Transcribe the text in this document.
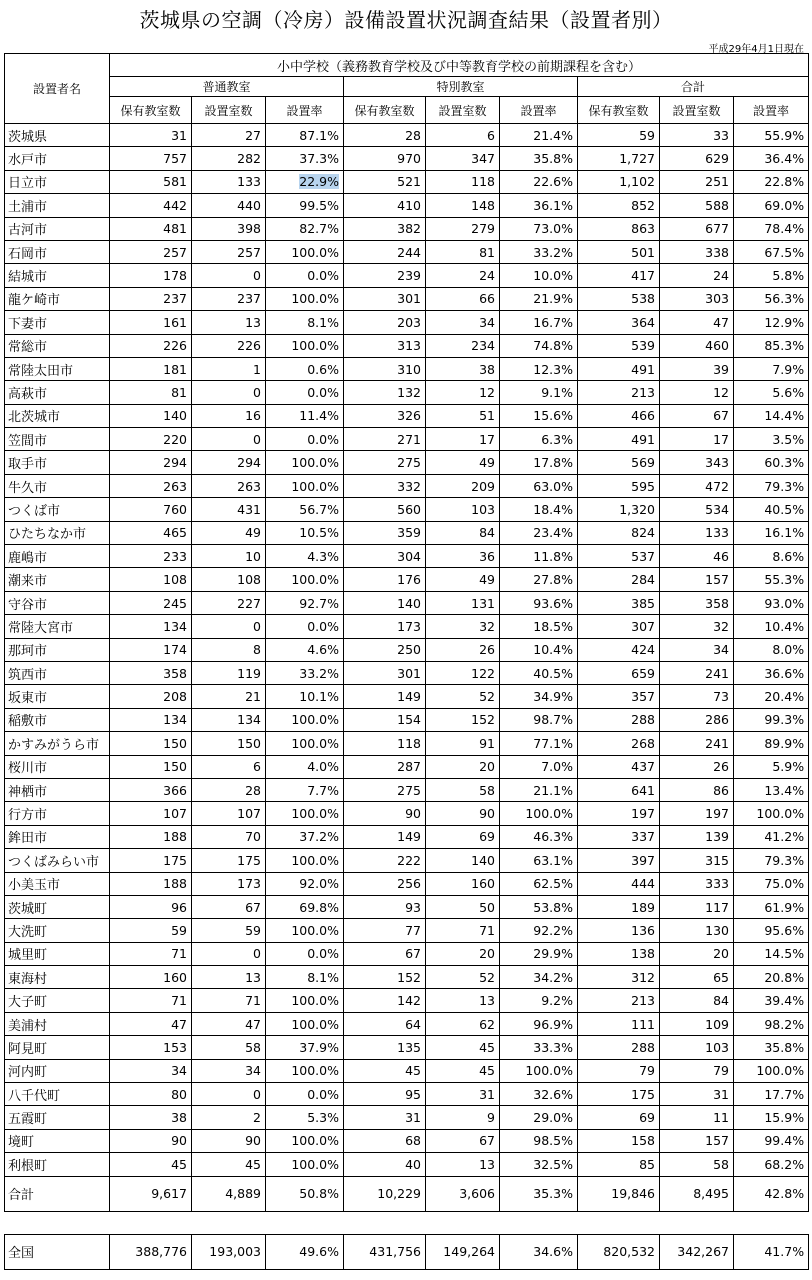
茨城県の空調（冷房）設備設置状況調査結果（設置者別）
平成29年4月1日現在
設置者名	小中学校（義務教育学校及び中等教育学校の前期課程を含む）								
	普通教室			特別教室			合計		
	保有教室数	設置室数	設置率	保有教室数	設置室数	設置率	保有教室数	設置室数	設置率
茨城県	31	27	87.1%	28	6	21.4%	59	33	55.9%
水戸市	757	282	37.3%	970	347	35.8%	1,727	629	36.4%
日立市	581	133	22.9%	521	118	22.6%	1,102	251	22.8%
土浦市	442	440	99.5%	410	148	36.1%	852	588	69.0%
古河市	481	398	82.7%	382	279	73.0%	863	677	78.4%
石岡市	257	257	100.0%	244	81	33.2%	501	338	67.5%
結城市	178	0	0.0%	239	24	10.0%	417	24	5.8%
龍ケ崎市	237	237	100.0%	301	66	21.9%	538	303	56.3%
下妻市	161	13	8.1%	203	34	16.7%	364	47	12.9%
常総市	226	226	100.0%	313	234	74.8%	539	460	85.3%
常陸太田市	181	1	0.6%	310	38	12.3%	491	39	7.9%
高萩市	81	0	0.0%	132	12	9.1%	213	12	5.6%
北茨城市	140	16	11.4%	326	51	15.6%	466	67	14.4%
笠間市	220	0	0.0%	271	17	6.3%	491	17	3.5%
取手市	294	294	100.0%	275	49	17.8%	569	343	60.3%
牛久市	263	263	100.0%	332	209	63.0%	595	472	79.3%
つくば市	760	431	56.7%	560	103	18.4%	1,320	534	40.5%
ひたちなか市	465	49	10.5%	359	84	23.4%	824	133	16.1%
鹿嶋市	233	10	4.3%	304	36	11.8%	537	46	8.6%
潮来市	108	108	100.0%	176	49	27.8%	284	157	55.3%
守谷市	245	227	92.7%	140	131	93.6%	385	358	93.0%
常陸大宮市	134	0	0.0%	173	32	18.5%	307	32	10.4%
那珂市	174	8	4.6%	250	26	10.4%	424	34	8.0%
筑西市	358	119	33.2%	301	122	40.5%	659	241	36.6%
坂東市	208	21	10.1%	149	52	34.9%	357	73	20.4%
稲敷市	134	134	100.0%	154	152	98.7%	288	286	99.3%
かすみがうら市	150	150	100.0%	118	91	77.1%	268	241	89.9%
桜川市	150	6	4.0%	287	20	7.0%	437	26	5.9%
神栖市	366	28	7.7%	275	58	21.1%	641	86	13.4%
行方市	107	107	100.0%	90	90	100.0%	197	197	100.0%
鉾田市	188	70	37.2%	149	69	46.3%	337	139	41.2%
つくばみらい市	175	175	100.0%	222	140	63.1%	397	315	79.3%
小美玉市	188	173	92.0%	256	160	62.5%	444	333	75.0%
茨城町	96	67	69.8%	93	50	53.8%	189	117	61.9%
大洗町	59	59	100.0%	77	71	92.2%	136	130	95.6%
城里町	71	0	0.0%	67	20	29.9%	138	20	14.5%
東海村	160	13	8.1%	152	52	34.2%	312	65	20.8%
大子町	71	71	100.0%	142	13	9.2%	213	84	39.4%
美浦村	47	47	100.0%	64	62	96.9%	111	109	98.2%
阿見町	153	58	37.9%	135	45	33.3%	288	103	35.8%
河内町	34	34	100.0%	45	45	100.0%	79	79	100.0%
八千代町	80	0	0.0%	95	31	32.6%	175	31	17.7%
五霞町	38	2	5.3%	31	9	29.0%	69	11	15.9%
境町	90	90	100.0%	68	67	98.5%	158	157	99.4%
利根町	45	45	100.0%	40	13	32.5%	85	58	68.2%
合計	9,617	4,889	50.8%	10,229	3,606	35.3%	19,846	8,495	42.8%

全国	388,776	193,003	49.6%	431,756	149,264	34.6%	820,532	342,267	41.7%
